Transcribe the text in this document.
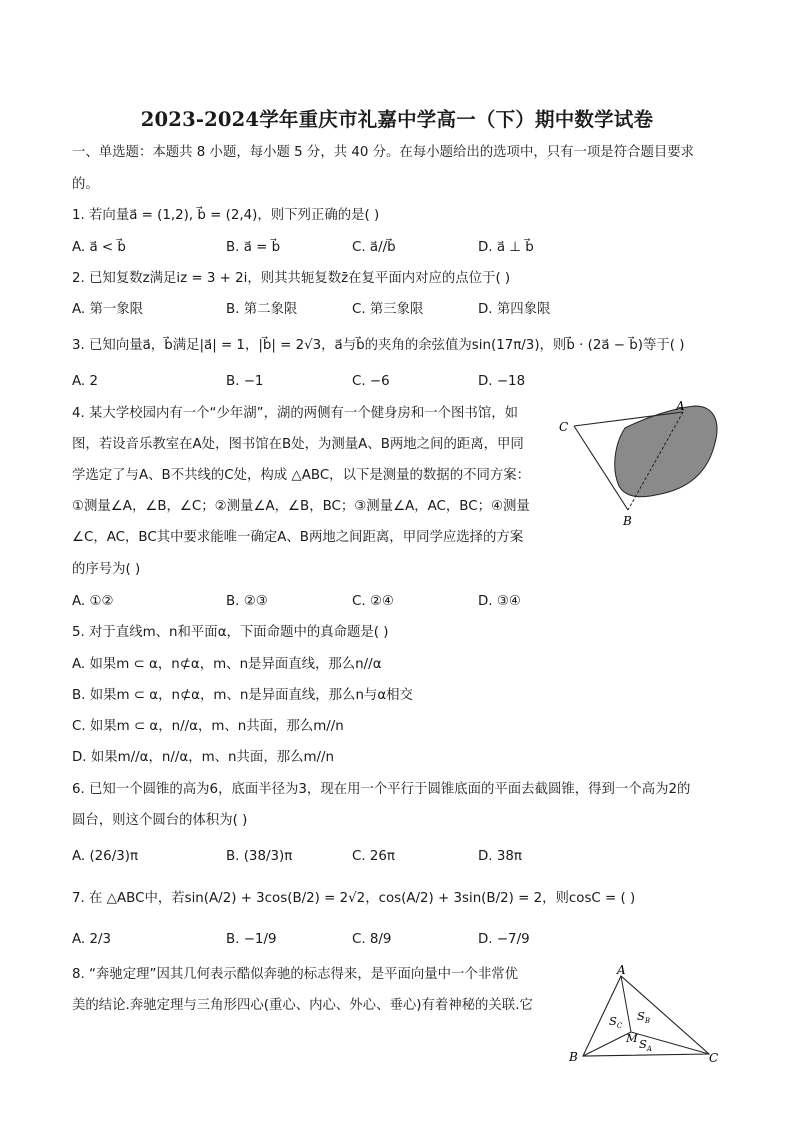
2023-2024学年重庆市礼嘉中学高一（下）期中数学试卷
一、单选题：本题共 8 小题，每小题 5 分，共 40 分。在每小题给出的选项中，只有一项是符合题目要求
的。
1. 若向量a⃗ = (1,2), b⃗ = (2,4)，则下列正确的是( )
A. a⃗ < b⃗	B. a⃗ = b⃗	C. a⃗//b⃗	D. a⃗ ⊥ b⃗
2. 已知复数z满足iz = 3 + 2i，则其共轭复数z̄在复平面内对应的点位于( )
A. 第一象限	B. 第二象限	C. 第三象限	D. 第四象限
3. 已知向量a⃗，b⃗满足|a⃗| = 1，|b⃗| = 2√3，a⃗与b⃗的夹角的余弦值为sin(17π/3)，则b⃗ · (2a⃗ − b⃗)等于( )
A. 2	B. −1	C. −6	D. −18
4. 某大学校园内有一个“少年湖”，湖的两侧有一个健身房和一个图书馆，如
图，若设音乐教室在A处，图书馆在B处，为测量A、B两地之间的距离，甲同
学选定了与A、B不共线的C处，构成 △ABC，以下是测量的数据的不同方案：
①测量∠A，∠B，∠C；②测量∠A，∠B，BC；③测量∠A，AC，BC；④测量
∠C，AC，BC其中要求能唯一确定A、B两地之间距离，甲同学应选择的方案
的序号为( )
A. ①②	B. ②③	C. ②④	D. ③④
5. 对于直线m、n和平面α，下面命题中的真命题是( )
A. 如果m ⊂ α，n⊄α，m、n是异面直线，那么n//α
B. 如果m ⊂ α，n⊄α，m、n是异面直线，那么n与α相交
C. 如果m ⊂ α，n//α，m、n共面，那么m//n
D. 如果m//α，n//α，m、n共面，那么m//n
6. 已知一个圆锥的高为6，底面半径为3，现在用一个平行于圆锥底面的平面去截圆锥，得到一个高为2的
圆台，则这个圆台的体积为( )
A. (26/3)π	B. (38/3)π	C. 26π	D. 38π
7. 在 △ABC中，若sin(A/2) + 3cos(B/2) = 2√2，cos(A/2) + 3sin(B/2) = 2，则cosC = ( )
A. 2/3	B. −1/9	C. 8/9	D. −7/9
8. “奔驰定理”因其几何表示酷似奔驰的标志得来，是平面向量中一个非常优
美的结论.奔驰定理与三角形四心(重心、内心、外心、垂心)有着神秘的关联.它
A
C
B
A
B	C
M
$S_C$
$S_B$
$S_A$
